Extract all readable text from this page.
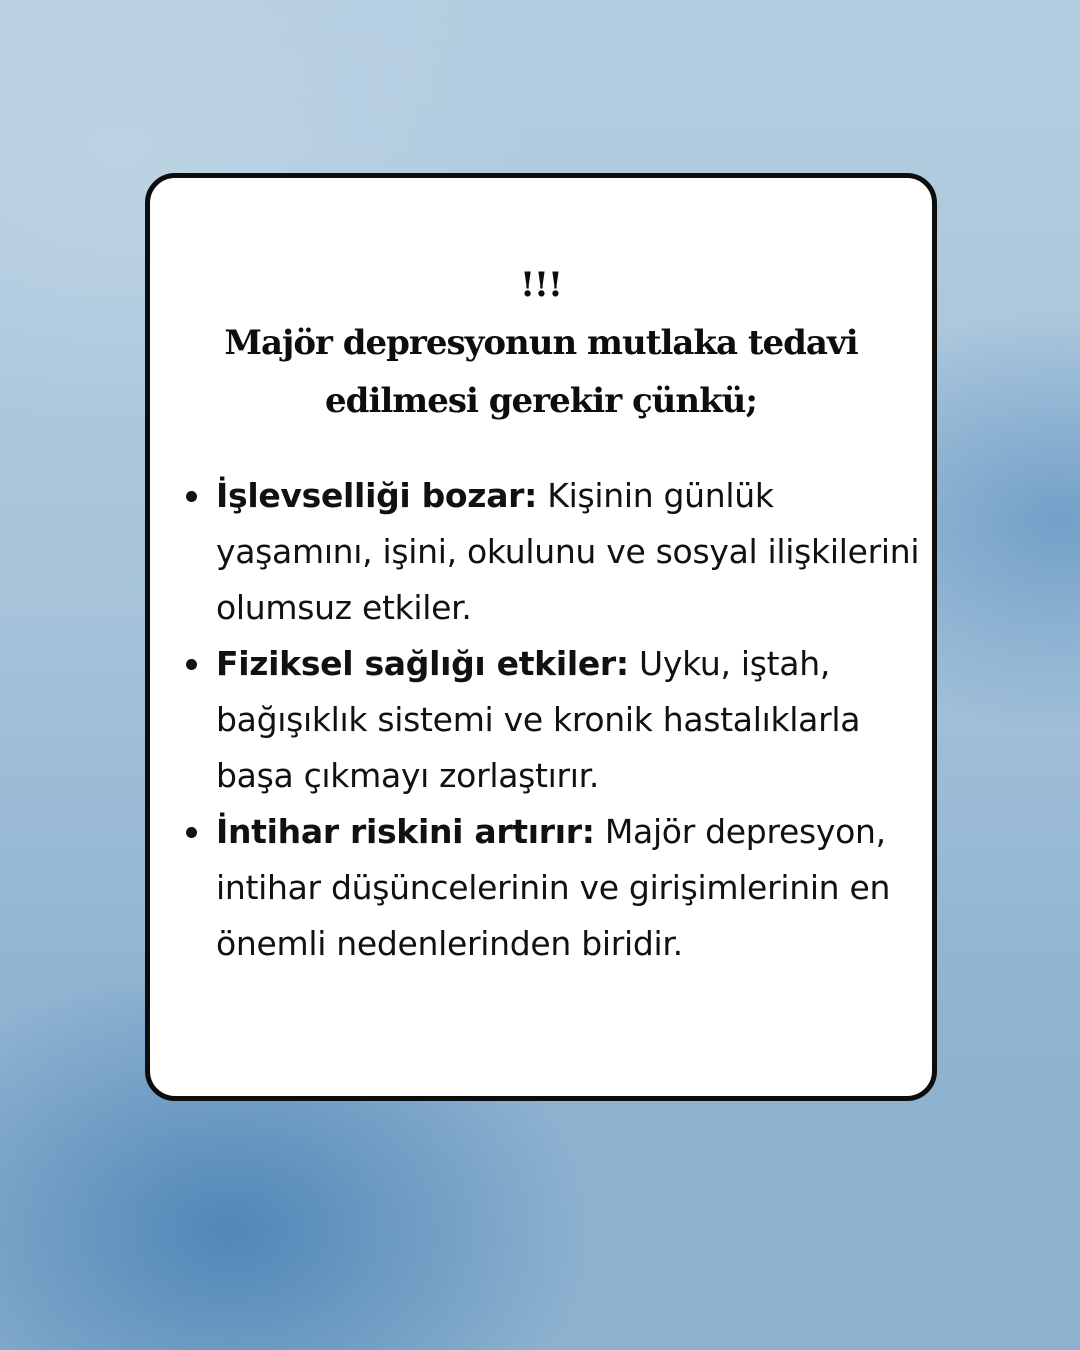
!!!
Majör depresyonun mutlaka tedavi
edilmesi gerekir çünkü;
İşlevselliği bozar: Kişinin günlük yaşamını, işini, okulunu ve sosyal ilişkilerini olumsuz etkiler.
Fiziksel sağlığı etkiler: Uyku, iştah, bağışıklık sistemi ve kronik hastalıklarla başa çıkmayı zorlaştırır.
İntihar riskini artırır: Majör depresyon, intihar düşüncelerinin ve girişimlerinin en önemli nedenlerinden biridir.
